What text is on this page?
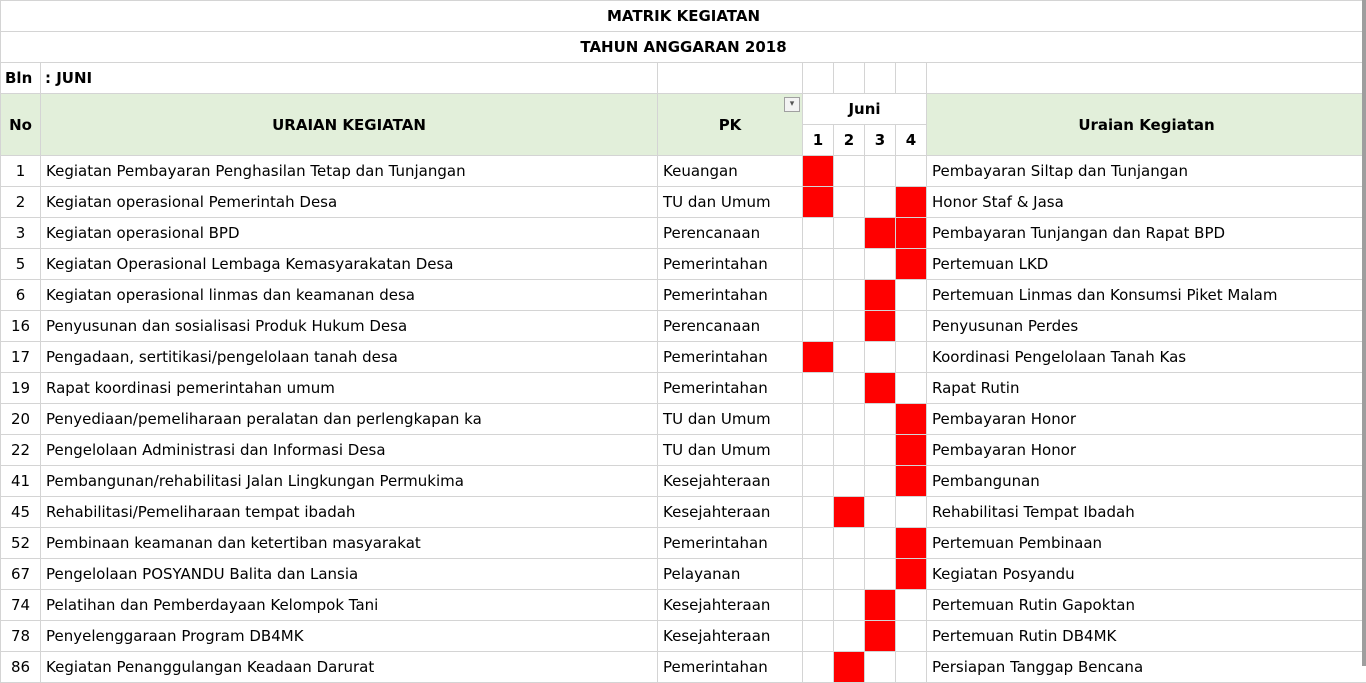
MATRIK KEGIATAN							
TAHUN ANGGARAN 2018							
Bln	: JUNI						
No	URAIAN KEGIATAN	PK
▾	Juni				Uraian Kegiatan
			1	2	3	4	
1	Kegiatan Pembayaran Penghasilan Tetap dan Tunjangan	Keuangan					Pembayaran Siltap dan Tunjangan
2	Kegiatan operasional Pemerintah Desa	TU dan Umum					Honor Staf & Jasa
3	Kegiatan operasional BPD	Perencanaan					Pembayaran Tunjangan dan Rapat BPD
5	Kegiatan Operasional Lembaga Kemasyarakatan Desa	Pemerintahan					Pertemuan LKD
6	Kegiatan operasional linmas dan keamanan desa	Pemerintahan					Pertemuan Linmas dan Konsumsi Piket Malam
16	Penyusunan dan sosialisasi Produk Hukum Desa	Perencanaan					Penyusunan Perdes
17	Pengadaan, sertitikasi/pengelolaan tanah desa	Pemerintahan					Koordinasi Pengelolaan Tanah Kas
19	Rapat koordinasi pemerintahan umum	Pemerintahan					Rapat Rutin
20	Penyediaan/pemeliharaan peralatan dan perlengkapan ka	TU dan Umum					Pembayaran Honor
22	Pengelolaan Administrasi dan Informasi Desa	TU dan Umum					Pembayaran Honor
41	Pembangunan/rehabilitasi Jalan Lingkungan Permukima	Kesejahteraan					Pembangunan
45	Rehabilitasi/Pemeliharaan tempat ibadah	Kesejahteraan					Rehabilitasi Tempat Ibadah
52	Pembinaan keamanan dan ketertiban masyarakat	Pemerintahan					Pertemuan Pembinaan
67	Pengelolaan POSYANDU Balita dan Lansia	Pelayanan					Kegiatan Posyandu
74	Pelatihan dan Pemberdayaan Kelompok Tani	Kesejahteraan					Pertemuan Rutin Gapoktan
78	Penyelenggaraan Program DB4MK	Kesejahteraan					Pertemuan Rutin DB4MK
86	Kegiatan Penanggulangan Keadaan Darurat	Pemerintahan					Persiapan Tanggap Bencana
